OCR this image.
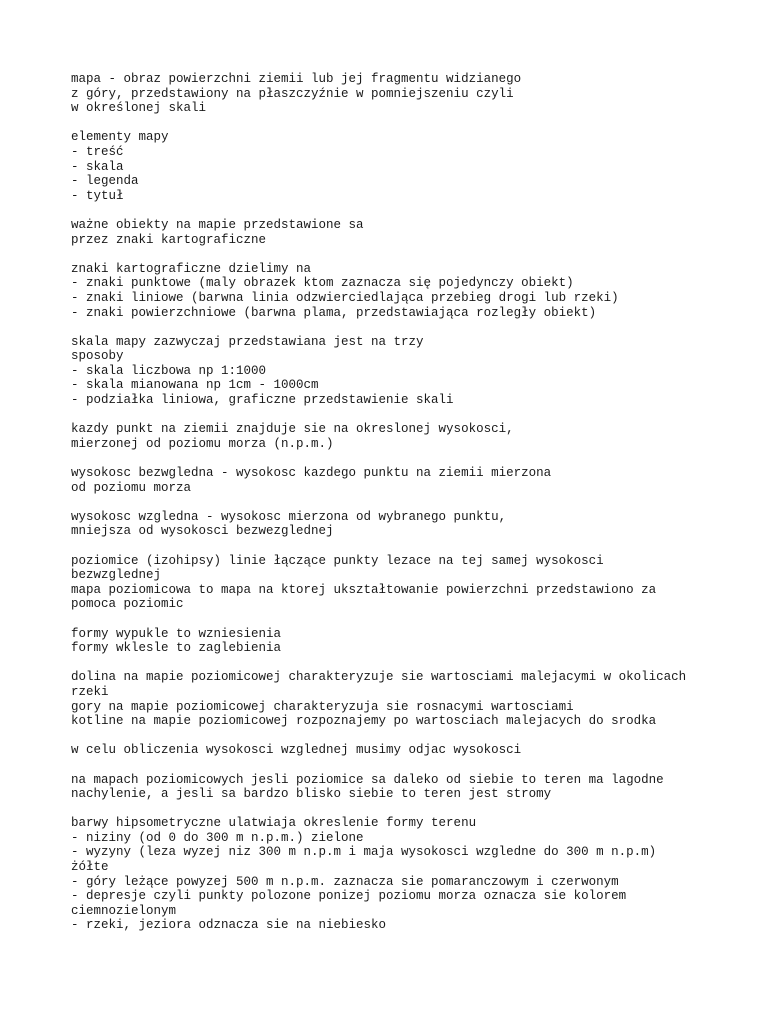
mapa - obraz powierzchni ziemii lub jej fragmentu widzianego
z góry, przedstawiony na płaszczyźnie w pomniejszeniu czyli
w określonej skali
elementy mapy
- treść
- skala
- legenda
- tytuł
ważne obiekty na mapie przedstawione sa
przez znaki kartograficzne
znaki kartograficzne dzielimy na
- znaki punktowe (maly obrazek ktom zaznacza się pojedynczy obiekt)
- znaki liniowe (barwna linia odzwierciedlająca przebieg drogi lub rzeki)
- znaki powierzchniowe (barwna plama, przedstawiająca rozległy obiekt)
skala mapy zazwyczaj przedstawiana jest na trzy
sposoby
- skala liczbowa np 1:1000
- skala mianowana np 1cm - 1000cm
- podziałka liniowa, graficzne przedstawienie skali
kazdy punkt na ziemii znajduje sie na okreslonej wysokosci,
mierzonej od poziomu morza (n.p.m.)
wysokosc bezwgledna - wysokosc kazdego punktu na ziemii mierzona
od poziomu morza
wysokosc wzgledna - wysokosc mierzona od wybranego punktu,
mniejsza od wysokosci bezwezglednej
poziomice (izohipsy) linie łączące punkty lezace na tej samej wysokosci
bezwzglednej
mapa poziomicowa to mapa na ktorej ukształtowanie powierzchni przedstawiono za
pomoca poziomic
formy wypukle to wzniesienia
formy wklesle to zaglebienia
dolina na mapie poziomicowej charakteryzuje sie wartosciami malejacymi w okolicach
rzeki
gory na mapie poziomicowej charakteryzuja sie rosnacymi wartosciami
kotline na mapie poziomicowej rozpoznajemy po wartosciach malejacych do srodka
w celu obliczenia wysokosci wzglednej musimy odjac wysokosci
na mapach poziomicowych jesli poziomice sa daleko od siebie to teren ma lagodne
nachylenie, a jesli sa bardzo blisko siebie to teren jest stromy
barwy hipsometryczne ulatwiaja okreslenie formy terenu
- niziny (od 0 do 300 m n.p.m.) zielone
- wyzyny (leza wyzej niz 300 m n.p.m i maja wysokosci wzgledne do 300 m n.p.m)
żółte
- góry leżące powyzej 500 m n.p.m. zaznacza sie pomaranczowym i czerwonym
- depresje czyli punkty polozone ponizej poziomu morza oznacza sie kolorem
ciemnozielonym
- rzeki, jeziora odznacza sie na niebiesko
